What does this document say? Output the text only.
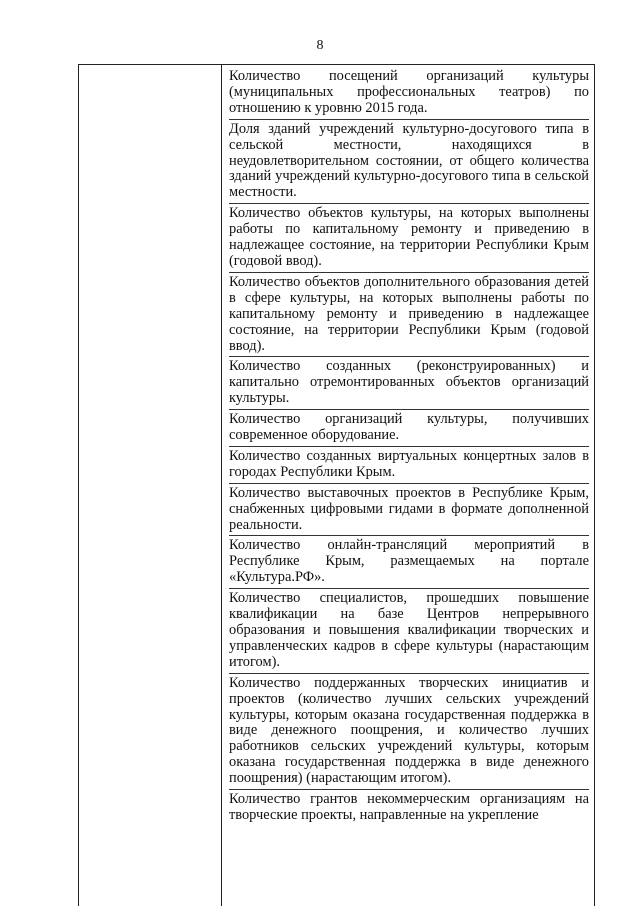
8

Количество посещений организаций культуры (муниципальных профессиональных театров) по отношению к уровню 2015 года.

Доля зданий учреждений культурно-досугового типа в сельской местности, находящихся в неудовлетворительном состоянии, от общего количества зданий учреждений культурно-досугового типа в сельской местности.

Количество объектов культуры, на которых выполнены работы по капитальному ремонту и приведению в надлежащее состояние, на территории Республики Крым (годовой ввод).

Количество объектов дополнительного образования детей в сфере культуры, на которых выполнены работы по капитальному ремонту и приведению в надлежащее состояние, на территории Республики Крым (годовой ввод).

Количество созданных (реконструированных) и капитально отремонтированных объектов организаций культуры.

Количество организаций культуры, получивших современное оборудование.

Количество созданных виртуальных концертных залов в городах Республики Крым.

Количество выставочных проектов в Республике Крым, снабженных цифровыми гидами в формате дополненной реальности.

Количество онлайн-трансляций мероприятий в Республике Крым, размещаемых на портале «Культура.РФ».

Количество специалистов, прошедших повышение квалификации на базе Центров непрерывного образования и повышения квалификации творческих и управленческих кадров в сфере культуры (нарастающим итогом).

Количество поддержанных творческих инициатив и проектов (количество лучших сельских учреждений культуры, которым оказана государственная поддержка в виде денежного поощрения, и количество лучших работников сельских учреждений культуры, которым оказана государственная поддержка в виде денежного поощрения) (нарастающим итогом).

Количество грантов некоммерческим организациям на творческие проекты, направленные на укрепление
